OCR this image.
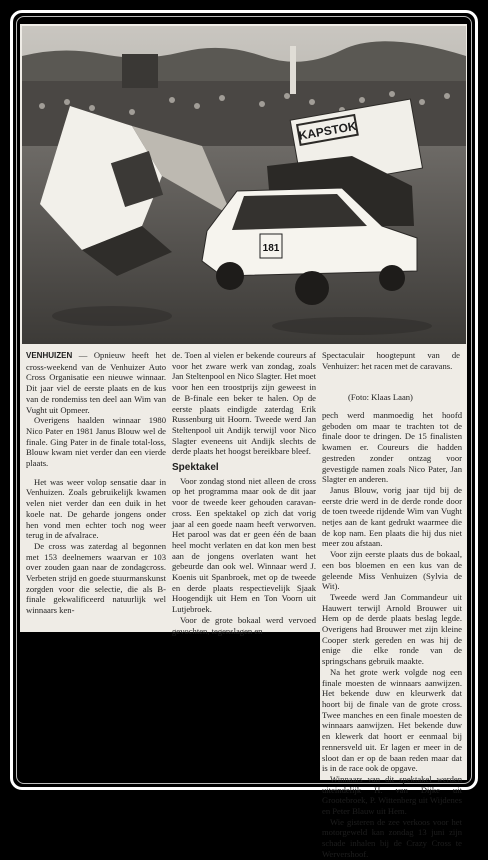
KAPSTOK
181
Spectaculair hoogtepunt van de Venhuizer: het racen met de caravans.
(Foto: Klaas Laan)

VENHUIZEN — Opnieuw heeft het cross-weekend van de Venhuizer Auto Cross Organisatie een nieuwe winnaar. Dit jaar viel de eerste plaats en de kus van de rondemiss ten deel aan Wim van Vught uit Opmeer.

Overigens haalden winnaar 1980 Nico Pater en 1981 Janus Blouw wel de finale. Ging Pater in de finale total-loss, Blouw kwam niet verder dan een vierde plaats.

Het was weer volop sensatie daar in Venhuizen. Zoals gebruikelijk kwamen velen niet verder dan een duik in het koele nat. De geharde jongens onder hen vond men echter toch nog weer terug in de afvalrace.

De cross was zaterdag al begonnen met 153 deelnemers waarvan er 103 over zouden gaan naar de zondagcross. Verbeten strijd en goede stuurmanskunst zorgden voor die selectie, die als B-finale gekwalificeerd natuurlijk wel winnaars ken-

de. Toen al vielen er bekende coureurs af voor het zware werk van zondag, zoals Jan Steltenpool en Nico Slagter. Het moet voor hen een troostprijs zijn geweest in de B-finale een beker te halen. Op de eerste plaats eindigde zaterdag Erik Russenburg uit Hoorn. Tweede werd Jan Steltenpool uit Andijk terwijl voor Nico Slagter eveneens uit Andijk slechts de derde plaats het hoogst bereikbare bleef.

Spektakel

Voor zondag stond niet alleen de cross op het programma maar ook de dit jaar voor de tweede keer gehouden caravan-cross. Een spektakel op zich dat vorig jaar al een goede naam heeft verworven. Het parool was dat er geen één de baan heel mocht verlaten en dat kon men best aan de jongens overlaten want het gebeurde dan ook wel. Winnaar werd J. Koenis uit Spanbroek, met op de tweede en derde plaats respectievelijk Sjaak Hoogendijk uit Hem en Ton Voorn uit Lutjebroek.

Voor de grote bokaal werd vervoed gevochten, tegenslagen en

pech werd manmoedig het hoofd geboden om maar te trachten tot de finale door te dringen. De 15 finalisten kwamen er. Coureurs die hadden gestreden zonder ontzag voor gevestigde namen zoals Nico Pater, Jan Slagter en anderen.

Janus Blouw, vorig jaar tijd bij de eerste drie werd in de derde ronde door de toen tweede rijdende Wim van Vught netjes aan de kant gedrukt waarmee die de kop nam. Een plaats die hij dus niet meer zou afstaan.

Voor zijn eerste plaats dus de bokaal, een bos bloemen en een kus van de geleende Miss Venhuizen (Sylvia de Wit).

Tweede werd Jan Commandeur uit Hauwert terwijl Arnold Brouwer uit Hem op de derde plaats beslag legde. Overigens had Brouwer met zijn kleine Cooper sterk gereden en was hij de enige die elke ronde van de springschans gebruik maakte.

Na het grote werk volgde nog een finale moesten de winnaars aanwijzen. Het bekende duw en kleurwerk dat hoort bij de finale van de grote cross. Twee manches en een finale moesten de winnaars aanwijzen. Het bekende duw en klewerk dat hoort er eenmaal bij rennersveld uit. Er lagen er meer in de sloot dan er op de baan reden maar dat is in de race ook de opgave.

Winnaars van dit spektakel werden uiteindelijk H. van Dijke uit Grootebroek, P. Wittenberg uit Wijdenes en Peter Blauw uit Hem.

Wie gisteren de zee verkoos voor het motorgeweld kan zondag 13 juni zijn schade inhalen bij de Crazy Cross te Wervershoof.
